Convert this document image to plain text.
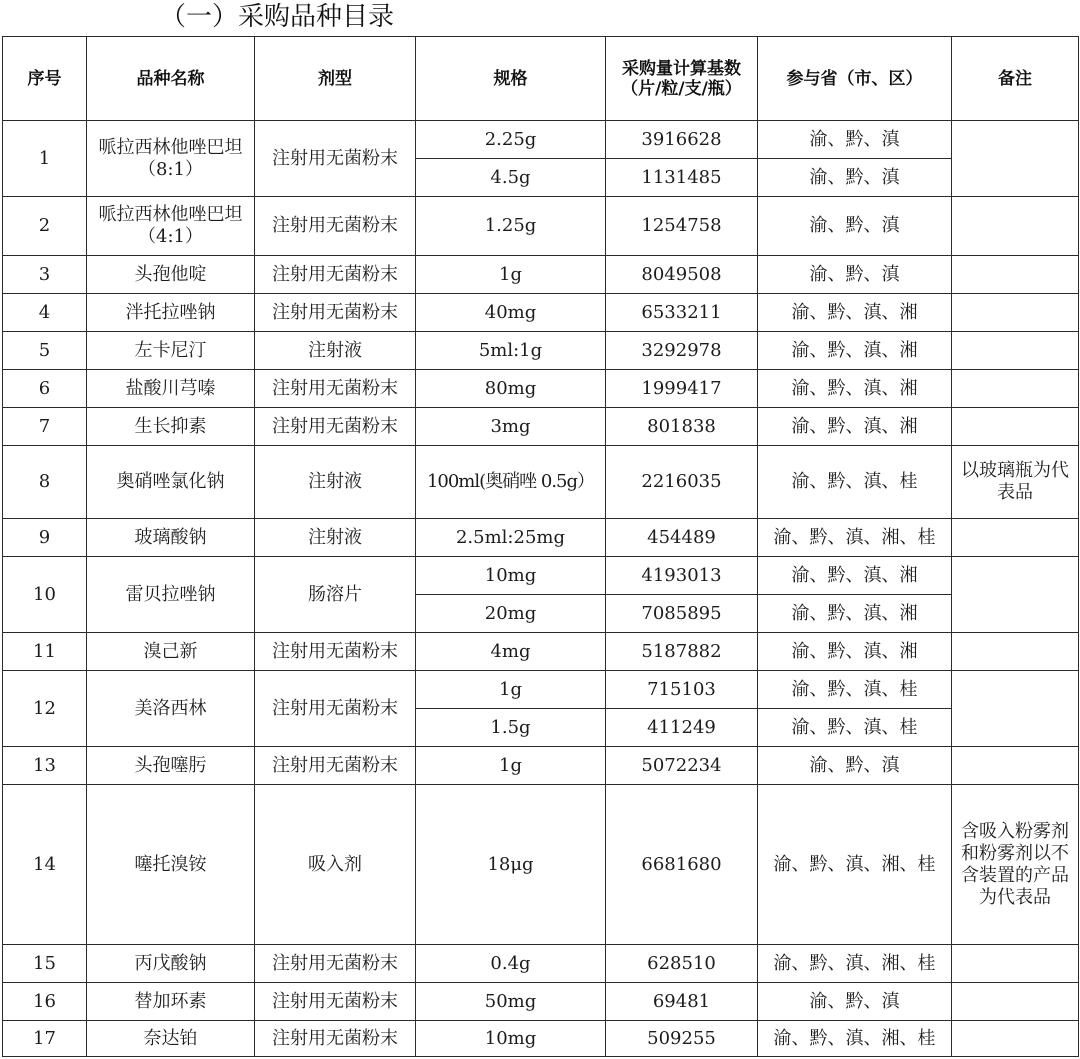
（一）采购品种目录
序号	品种名称	剂型	规格	采购量计算基数（片/粒/支/瓶）	参与省（市、区）	备注
1	哌拉西林他唑巴坦（8:1）	注射用无菌粉末	2.25g	3916628	渝、黔、滇	
			4.5g	1131485	渝、黔、滇	
2	哌拉西林他唑巴坦（4:1）	注射用无菌粉末	1.25g	1254758	渝、黔、滇	
3	头孢他啶	注射用无菌粉末	1g	8049508	渝、黔、滇	
4	泮托拉唑钠	注射用无菌粉末	40mg	6533211	渝、黔、滇、湘	
5	左卡尼汀	注射液	5ml:1g	3292978	渝、黔、滇、湘	
6	盐酸川芎嗪	注射用无菌粉末	80mg	1999417	渝、黔、滇、湘	
7	生长抑素	注射用无菌粉末	3mg	801838	渝、黔、滇、湘	
8	奥硝唑氯化钠	注射液	100ml(奥硝唑 0.5g）	2216035	渝、黔、滇、桂	以玻璃瓶为代表品
9	玻璃酸钠	注射液	2.5ml:25mg	454489	渝、黔、滇、湘、桂	
10	雷贝拉唑钠	肠溶片	10mg	4193013	渝、黔、滇、湘	
			20mg	7085895	渝、黔、滇、湘	
11	溴己新	注射用无菌粉末	4mg	5187882	渝、黔、滇、湘	
12	美洛西林	注射用无菌粉末	1g	715103	渝、黔、滇、桂	
			1.5g	411249	渝、黔、滇、桂	
13	头孢噻肟	注射用无菌粉末	1g	5072234	渝、黔、滇	
14	噻托溴铵	吸入剂	18μg	6681680	渝、黔、滇、湘、桂	含吸入粉雾剂和粉雾剂以不含装置的产品为代表品
15	丙戊酸钠	注射用无菌粉末	0.4g	628510	渝、黔、滇、湘、桂	
16	替加环素	注射用无菌粉末	50mg	69481	渝、黔、滇	
17	奈达铂	注射用无菌粉末	10mg	509255	渝、黔、滇、湘、桂	
